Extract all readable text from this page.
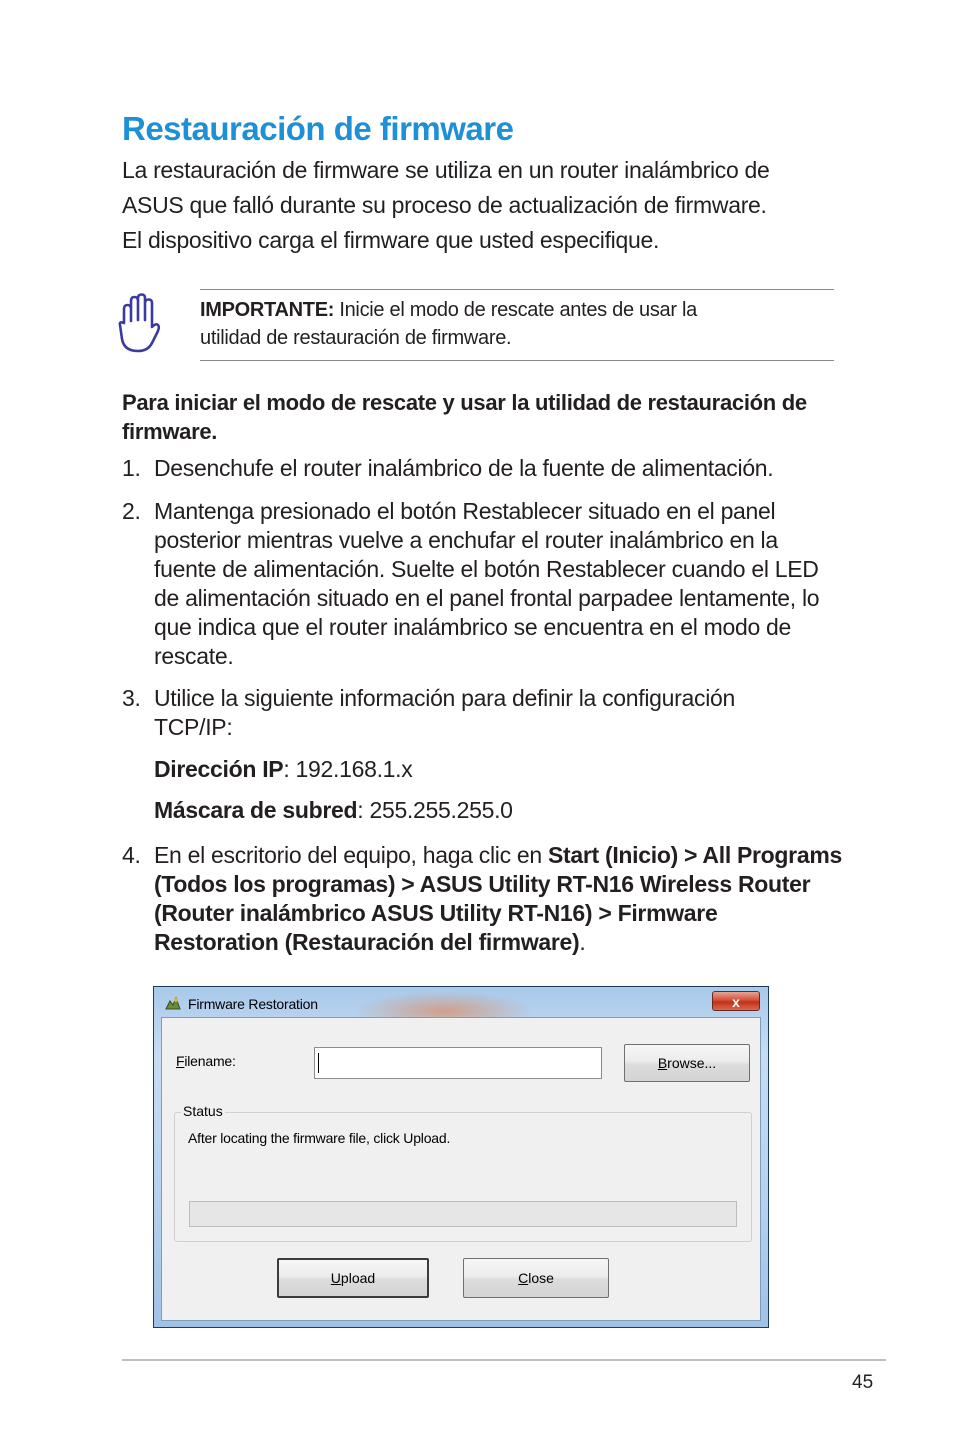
Restauración de firmware

La restauración de firmware se utiliza en un router inalámbrico de

ASUS que falló durante su proceso de actualización de firmware.

El dispositivo carga el firmware que usted especifique.

IMPORTANTE: Inicie el modo de rescate antes de usar la
utilidad de restauración de firmware.
Para iniciar el modo de rescate y usar la utilidad de restauración de firmware.
1. Desenchufe el router inalámbrico de la fuente de alimentación.
2. Mantenga presionado el botón Restablecer situado en el panel posterior mientras vuelve a enchufar el router inalámbrico en la fuente de alimentación. Suelte el botón Restablecer cuando el LED de alimentación situado en el panel frontal parpadee lentamente, lo que indica que el router inalámbrico se encuentra en el modo de rescate.
3. Utilice la siguiente información para definir la configuración TCP/IP:
Dirección IP: 192.168.1.x
Máscara de subred: 255.255.255.0
4. En el escritorio del equipo, haga clic en Start (Inicio) > All Programs (Todos los programas) > ASUS Utility RT-N16 Wireless Router (Router inalámbrico ASUS Utility RT-N16) > Firmware Restoration (Restauración del firmware).
Firmware Restoration	x
Filename:	Browse...
Status
After locating the firmware file, click Upload.
Upload	Close
45
